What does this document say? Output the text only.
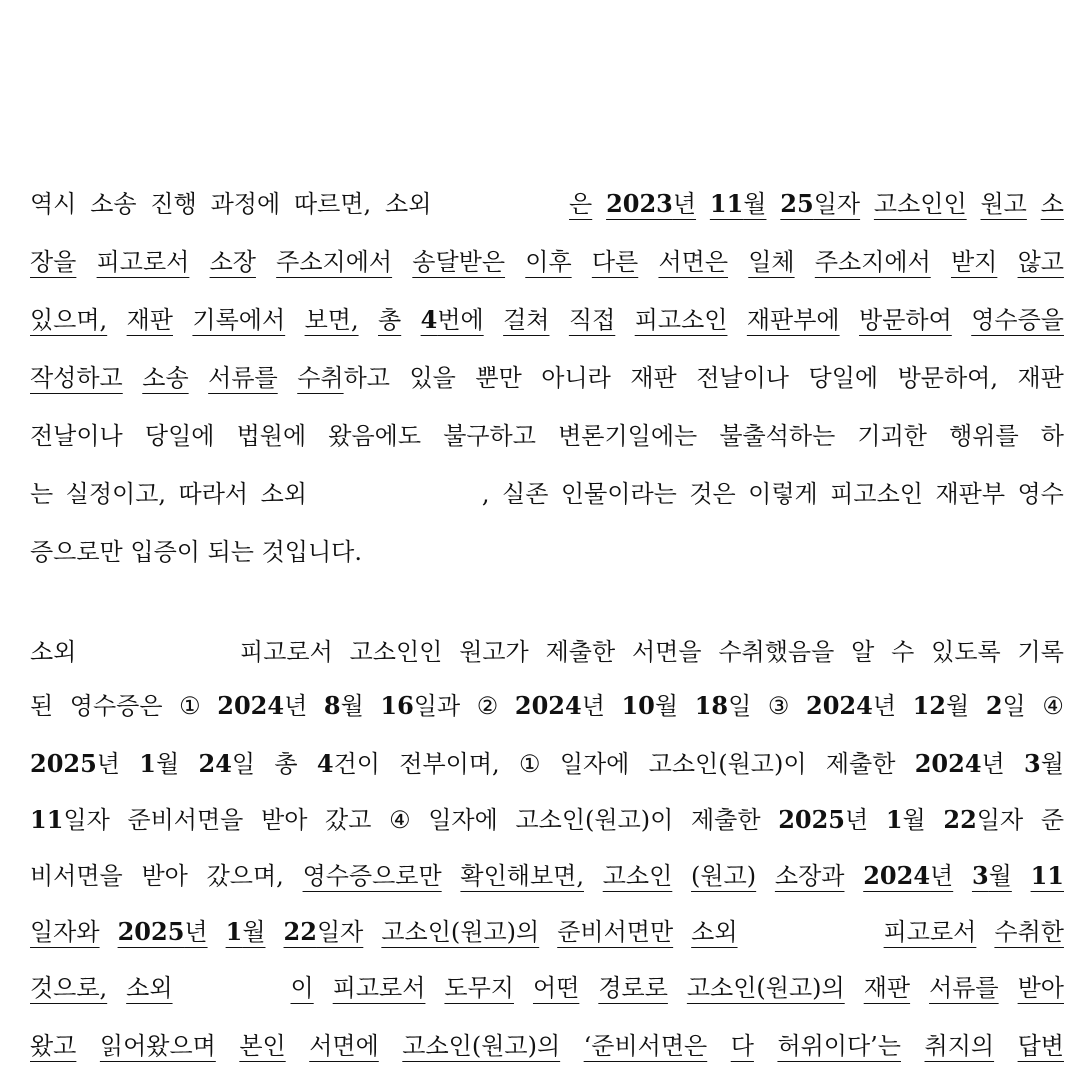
역시 소송 진행 과정에 따르면, 소외	은 2023년 11월 25일자 고소인인 원고 소
장을 피고로서 소장 주소지에서 송달받은 이후 다른 서면은 일체 주소지에서 받지 않고
있으며, 재판 기록에서 보면, 총 4번에 걸쳐 직접 피고소인 재판부에 방문하여 영수증을
작성하고 소송 서류를 수취하고 있을 뿐만 아니라 재판 전날이나 당일에 방문하여, 재판
전날이나 당일에 법원에 왔음에도 불구하고 변론기일에는 불출석하는 기괴한 행위를 하
는 실정이고, 따라서 소외	, 실존 인물이라는 것은 이렇게 피고소인 재판부 영수
증으로만 입증이 되는 것입니다.
소외	피고로서 고소인인 원고가 제출한 서면을 수취했음을 알 수 있도록 기록
된 영수증은 ① 2024년 8월 16일과 ② 2024년 10월 18일 ③ 2024년 12월 2일 ④
2025년 1월 24일 총 4건이 전부이며, ① 일자에 고소인(원고)이 제출한 2024년 3월
11일자 준비서면을 받아 갔고 ④ 일자에 고소인(원고)이 제출한 2025년 1월 22일자 준
비서면을 받아 갔으며, 영수증으로만 확인해보면, 고소인 (원고) 소장과 2024년 3월 11
일자와 2025년 1월 22일자 고소인(원고)의 준비서면만 소외	피고로서 수취한
것으로, 소외	이 피고로서 도무지 어떤 경로로 고소인(원고)의 재판 서류를 받아
왔고 읽어왔으며 본인 서면에 고소인(원고)의 ‘준비서면은 다 허위이다’는 취지의 답변
